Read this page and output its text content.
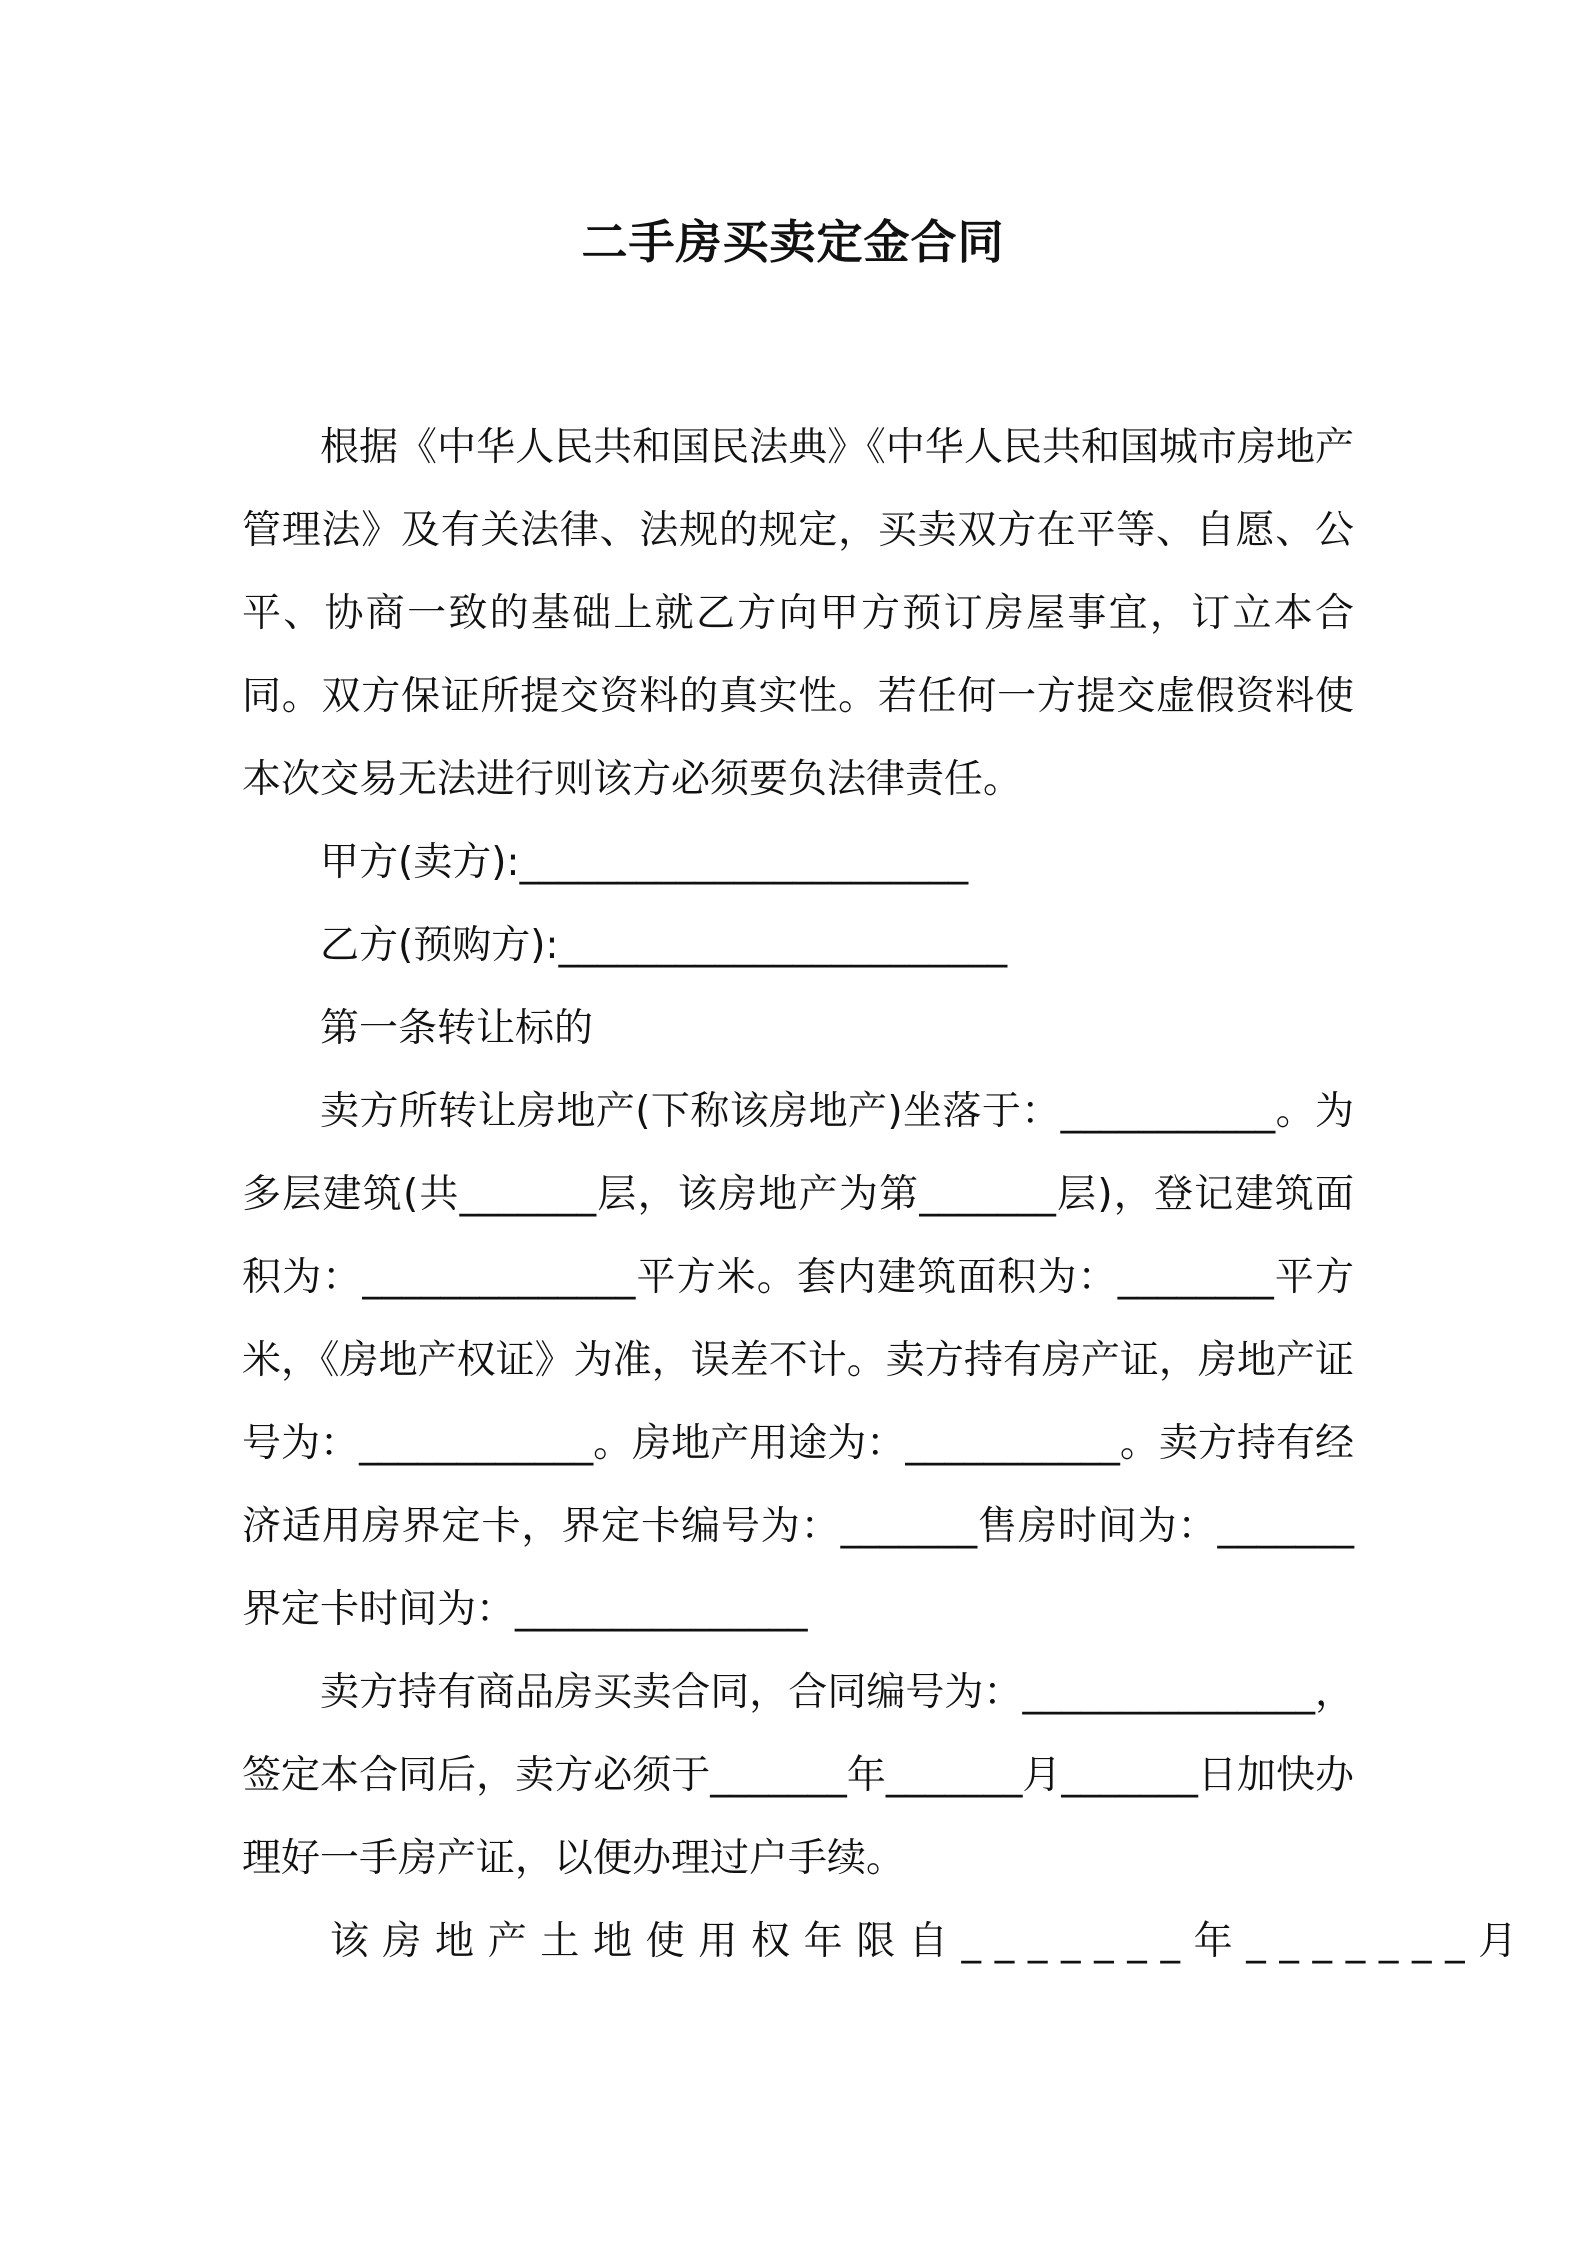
二手房买卖定金合同

根据《中华人民共和国民法典》《中华人民共和国城市房地产管理法》及有关法律、法规的规定，买卖双方在平等、自愿、公平、协商一致的基础上就乙方向甲方预订房屋事宜，订立本合同。双方保证所提交资料的真实性。若任何一方提交虚假资料使本次交易无法进行则该方必须要负法律责任。

甲方(卖方):_______________________

乙方(预购方):_______________________

第一条转让标的

卖方所转让房地产(下称该房地产)坐落于：___________。为多层建筑(共_______层，该房地产为第_______层)，登记建筑面积为：______________平方米。套内建筑面积为：________平方米，《房地产权证》为准，误差不计。卖方持有房产证，房地产证号为：____________。房地产用途为：___________。卖方持有经济适用房界定卡，界定卡编号为：_______售房时间为：_______界定卡时间为：_______________

卖方持有商品房买卖合同，合同编号为：_______________，签定本合同后，卖方必须于_______年_______月_______日加快办理好一手房产证，以便办理过户手续。

该房地产土地使用权年限自_______年_______月
